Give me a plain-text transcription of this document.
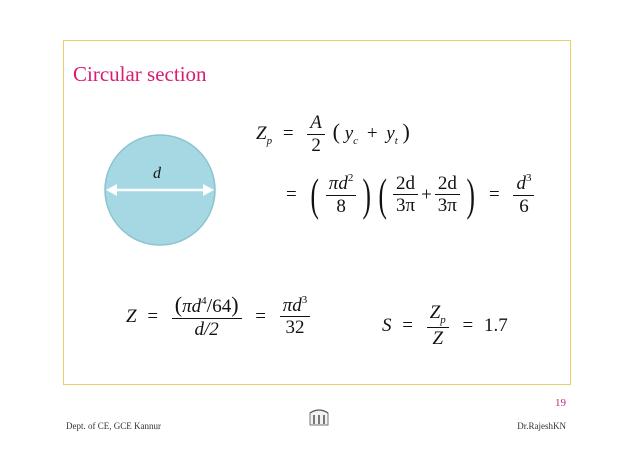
Circular section
d
$Z_p = \frac{A}{2}$ ( $y_c + y_t$ )
= ( $\frac{\pi d^2}{8}$ ) ( $\frac{2d}{3\pi} + \frac{2d}{3\pi}$ ) = $\frac{d^3}{6}$
$Z = \frac{(\pi d^4/64)}{d/2} = \frac{\pi d^3}{32}$	$S = \frac{Z_p}{Z} = 1.7$
19
Dept. of CE, GCE Kannur	Dr.RajeshKN
